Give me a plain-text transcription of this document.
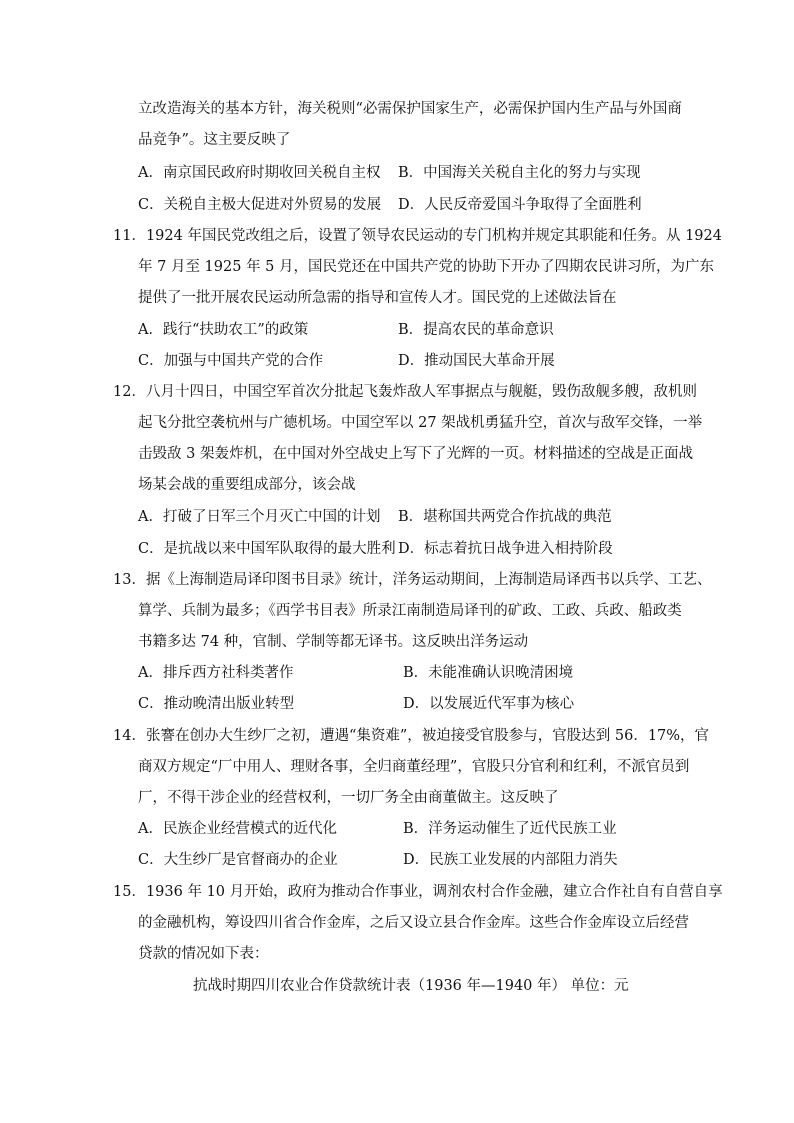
立改造海关的基本方针，海关税则“必需保护国家生产，必需保护国内生产品与外国商
品竞争”。这主要反映了
A．南京国民政府时期收回关税自主权 B．中国海关关税自主化的努力与实现
C．关税自主极大促进对外贸易的发展 D．人民反帝爱国斗争取得了全面胜利
11．1924 年国民党改组之后，设置了领导农民运动的专门机构并规定其职能和任务。从 1924
年 7 月至 1925 年 5 月，国民党还在中国共产党的协助下开办了四期农民讲习所，为广东
提供了一批开展农民运动所急需的指导和宣传人才。国民党的上述做法旨在
A．践行“扶助农工”的政策	B．提高农民的革命意识
C．加强与中国共产党的合作	D．推动国民大革命开展
12．八月十四日，中国空军首次分批起飞轰炸敌人军事据点与舰艇，毁伤敌舰多艘，敌机则
起飞分批空袭杭州与广德机场。中国空军以 27 架战机勇猛升空，首次与敌军交锋，一举
击毁敌 3 架轰炸机，在中国对外空战史上写下了光辉的一页。材料描述的空战是正面战
场某会战的重要组成部分，该会战
A．打破了日军三个月灭亡中国的计划 B．堪称国共两党合作抗战的典范
C．是抗战以来中国军队取得的最大胜利 D．标志着抗日战争进入相持阶段
13．据《上海制造局译印图书目录》统计，洋务运动期间，上海制造局译西书以兵学、工艺、
算学、兵制为最多；《西学书目表》所录江南制造局译刊的矿政、工政、兵政、船政类
书籍多达 74 种，官制、学制等都无译书。这反映出洋务运动
A．排斥西方社科类著作	B．未能准确认识晚清困境
C．推动晚清出版业转型	D．以发展近代军事为核心
14．张謇在创办大生纱厂之初，遭遇“集资难”，被迫接受官股参与，官股达到 56．17%，官
商双方规定“厂中用人、理财各事，全归商董经理”，官股只分官利和红利，不派官员到
厂，不得干涉企业的经营权利，一切厂务全由商董做主。这反映了
A．民族企业经营模式的近代化	B．洋务运动催生了近代民族工业
C．大生纱厂是官督商办的企业	D．民族工业发展的内部阻力消失
15．1936 年 10 月开始，政府为推动合作事业，调剂农村合作金融，建立合作社自有自营自享
的金融机构，筹设四川省合作金库，之后又设立县合作金库。这些合作金库设立后经营
贷款的情况如下表：
抗战时期四川农业合作贷款统计表（1936 年—1940 年） 单位：元
